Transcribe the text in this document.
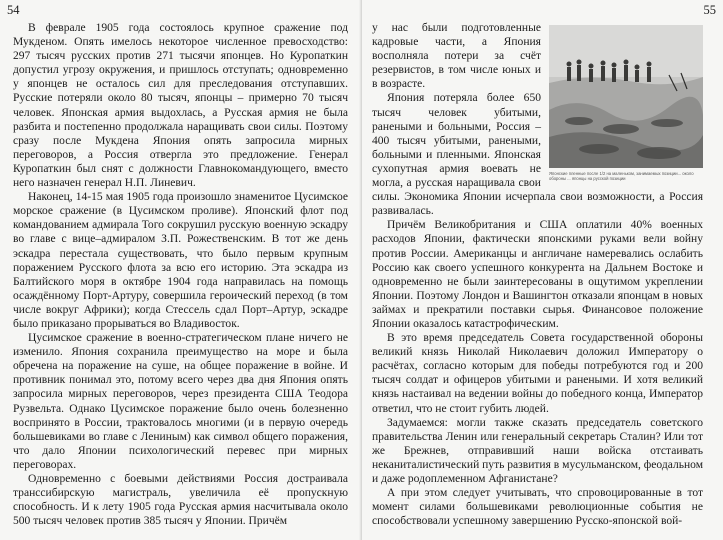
54

В феврале 1905 года состоялось крупное сражение под Мукденом. Опять имелось некоторое численное превосходство: 297 тысяч русских против 271 тысячи японцев. Но Куропаткин допустил угрозу окружения, и пришлось отступать; одновременно у японцев не осталось сил для преследования отступавших. Русские потеряли около 80 тысяч, японцы – примерно 70 тысяч человек. Японская армия выдохлась, а Русская армия не была разбита и постепенно продолжала наращивать свои силы. Поэтому сразу после Мукдена Япония опять запросила мирных переговоров, а Россия отвергла это предложение. Генерал Куропаткин был снят с должности Главнокомандующего, вместо него назначен генерал Н.П. Линевич.

Наконец, 14-15 мая 1905 года произошло знаменитое Цусимское морское сражение (в Цусимском проливе). Японский флот под командованием адмирала Того сокрушил русскую военную эскадру во главе с вице–адмиралом З.П. Рожественским. В тот же день эскадра перестала существовать, что было первым крупным поражением Русского флота за всю его историю. Эта эскадра из Балтийского моря в октябре 1904 года направилась на помощь осаждённому Порт-Артуру, совершила героический переход (в том числе вокруг Африки); когда Стессель сдал Порт–Артур, эскадре было приказано прорываться во Владивосток.

Цусимское сражение в военно-стратегическом плане ничего не изменило. Япония сохранила преимущество на море и была обречена на поражение на суше, на общее поражение в войне. И противник понимал это, потому всего через два дня Япония опять запросила мирных переговоров, через президента США Теодора Рузвельта. Однако Цусимское поражение было очень болезненно воспринято в России, трактовалось многими (и в первую очередь большевиками во главе с Лениным) как символ общего поражения, что дало Японии психологический перевес при мирных переговорах.

Одновременно с боевыми действиями Россия достраивала транссибирскую магистраль, увеличила её пропускную способность. И к лету 1905 года Русская армия насчитывала около 500 тысяч человек против 385 тысяч у Японии. Причём

55
Японские пленные после 1/2 на маленьком, занимаемых позиции... около обороны ... японцы на русской позиции

у нас были подготовленные кадровые части, а Япония восполняла потери за счёт резервистов, в том числе юных и в возрасте.

Япония потеряла более 650 тысяч человек убитыми, ранеными и больными, Россия – 400 тысяч убитыми, ранеными, больными и пленными. Японская сухопутная армия воевать не могла, а русская наращивала свои силы. Экономика Японии исчерпала свои возможности, а Россия развивалась.

Причём Великобритания и США оплатили 40% военных расходов Японии, фактически японскими руками вели войну против России. Американцы и англичане намеревались ослабить Россию как своего успешного конкурента на Дальнем Востоке и одновременно не были заинтересованы в ощутимом укреплении Японии. Поэтому Лондон и Вашингтон отказали японцам в новых займах и прекратили поставки сырья. Финансовое положение Японии оказалось катастрофическим.

В это время председатель Совета государственной обороны великий князь Николай Николаевич доложил Императору о расчётах, согласно которым для победы потребуются год и 200 тысяч солдат и офицеров убитыми и ранеными. И хотя великий князь настаивал на ведении войны до победного конца, Император ответил, что не стоит губить людей.

Задумаемся: могли также сказать председатель советского правительства Ленин или генеральный секретарь Сталин? Или тот же Брежнев, отправивший наши войска отстаивать неканиталистический путь развития в мусульманском, феодальном и даже родоплеменном Афганистане?

А при этом следует учитывать, что спровоцированные в тот момент силами большевиками революционные события не способствовали успешному завершению Русско-японской вой-
